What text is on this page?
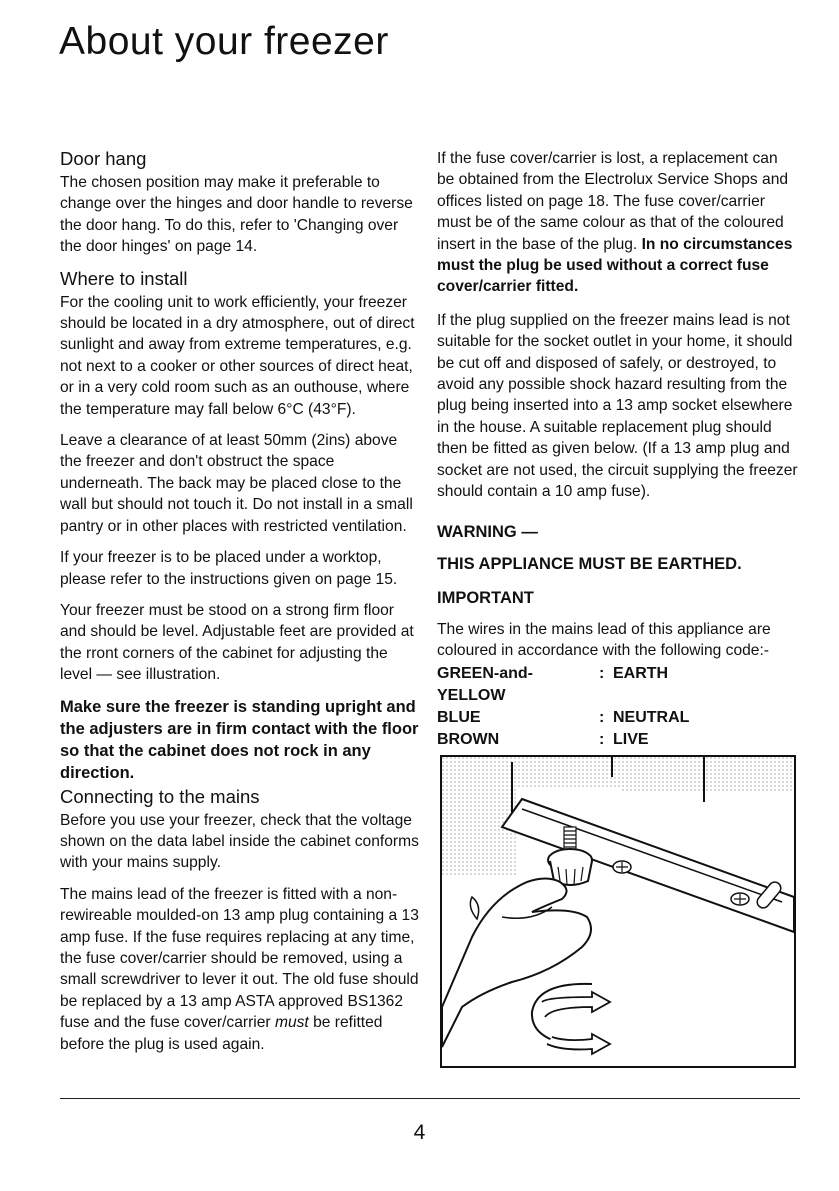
About your freezer
Door hang

The chosen position may make it preferable to change over the hinges and door handle to reverse the door hang. To do this, refer to 'Changing over the door hinges' on page 14.

Where to install

For the cooling unit to work efficiently, your freezer should be located in a dry atmosphere, out of direct sunlight and away from extreme temperatures, e.g. not next to a cooker or other sources of direct heat, or in a very cold room such as an outhouse, where the temperature may fall below 6°C (43°F).

Leave a clearance of at least 50mm (2ins) above the freezer and don't obstruct the space underneath. The back may be placed close to the wall but should not touch it. Do not install in a small pantry or in other places with restricted ventilation.

If your freezer is to be placed under a worktop, please refer to the instructions given on page 15.

Your freezer must be stood on a strong firm floor and should be level. Adjustable feet are provided at the rront corners of the cabinet for adjusting the level — see illustration.

Make sure the freezer is standing upright and the adjusters are in firm contact with the floor so that the cabinet does not rock in any direction.

Connecting to the mains

Before you use your freezer, check that the voltage shown on the data label inside the cabinet conforms with your mains supply.

The mains lead of the freezer is fitted with a non-rewireable moulded-on 13 amp plug containing a 13 amp fuse. If the fuse requires replacing at any time, the fuse cover/carrier should be removed, using a small screwdriver to lever it out. The old fuse should be replaced by a 13 amp ASTA approved BS1362 fuse and the fuse cover/carrier must be refitted before the plug is used again.

If the fuse cover/carrier is lost, a replacement can be obtained from the Electrolux Service Shops and offices listed on page 18. The fuse cover/carrier must be of the same colour as that of the coloured insert in the base of the plug. In no circumstances must the plug be used without a correct fuse cover/carrier fitted.

If the plug supplied on the freezer mains lead is not suitable for the socket outlet in your home, it should be cut off and disposed of safely, or destroyed, to avoid any possible shock hazard resulting from the plug being inserted into a 13 amp socket elsewhere in the house. A suitable replacement plug should then be fitted as given below. (If a 13 amp plug and socket are not used, the circuit supplying the freezer should contain a 10 amp fuse).

WARNING —

THIS APPLIANCE MUST BE EARTHED.

IMPORTANT

The wires in the mains lead of this appliance are coloured in accordance with the following code:-

GREEN-and-YELLOW
: EARTH
BLUE	: NEUTRAL
BROWN	: LIVE
4
